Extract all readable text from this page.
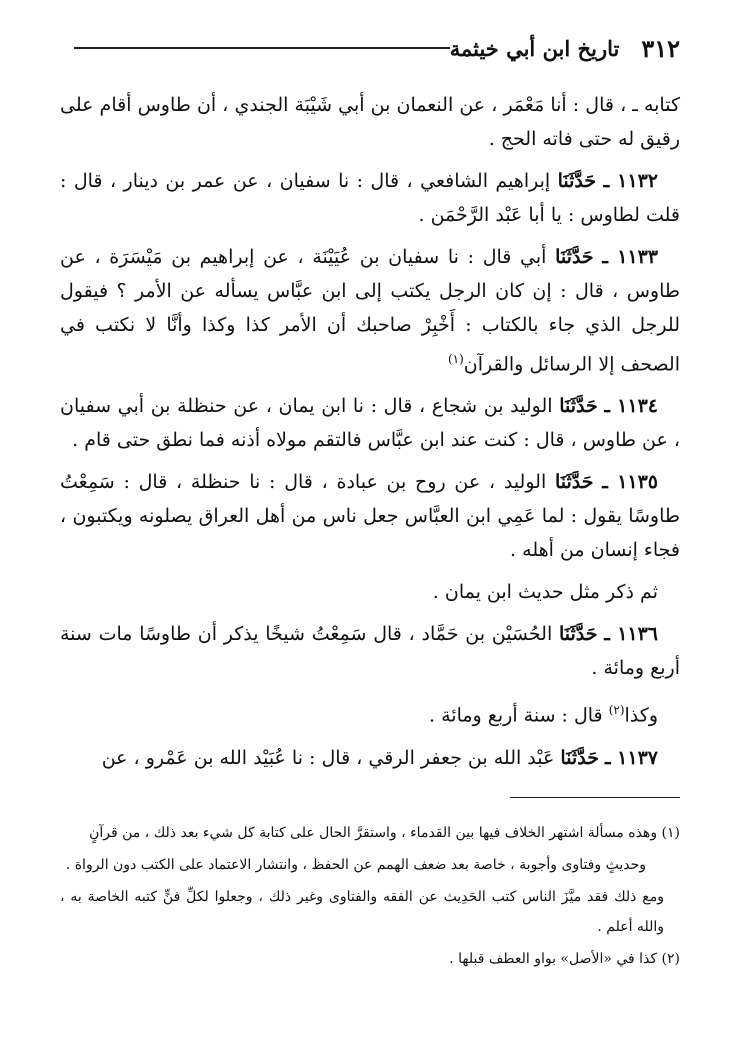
٣١٢
تاريخ ابن أبي خيثمة

كتابه ـ ، قال : أنا مَعْمَر ، عن النعمان بن أبي شَيْبَة الجندي ، أن طاوس أقام على رقيق له حتى فاته الحج .

١١٣٢ ـ حَدَّثَنَا إبراهيم الشافعي ، قال : نا سفيان ، عن عمر بن دينار ، قال : قلت لطاوس : يا أبا عَبْد الرَّحْمَن .

١١٣٣ ـ حَدَّثَنَا أبي قال : نا سفيان بن عُيَيْنَة ، عن إبراهيم بن مَيْسَرَة ، عن طاوس ، قال : إن كان الرجل يكتب إلى ابن عبَّاس يسأله عن الأمر ؟ فيقول للرجل الذي جاء بالكتاب : أَخْبِرْ صاحبك أن الأمر كذا وكذا وأنَّا لا نكتب في الصحف إلا الرسائل والقرآن$^{(١)}$

١١٣٤ ـ حَدَّثَنَا الوليد بن شجاع ، قال : نا ابن يمان ، عن حنظلة بن أبي سفيان ، عن طاوس ، قال : كنت عند ابن عبَّاس فالتقم مولاه أذنه فما نطق حتى قام .

١١٣٥ ـ حَدَّثَنَا الوليد ، عن روح بن عبادة ، قال : نا حنظلة ، قال : سَمِعْتُ طاوسًا يقول : لما عَمِي ابن العبَّاس جعل ناس من أهل العراق يصلونه ويكتبون ، فجاء إنسان من أهله .

ثم ذكر مثل حديث ابن يمان .

١١٣٦ ـ حَدَّثَنَا الحُسَيْن بن حَمَّاد ، قال سَمِعْتُ شيخًا يذكر أن طاوسًا مات سنة أربع ومائة .

وكذا$^{(٢)}$ قال : سنة أربع ومائة .

١١٣٧ ـ حَدَّثَنَا عَبْد الله بن جعفر الرقي ، قال : نا عُبَيْد الله بن عَمْرو ، عن

(١) وهذه مسألة اشتهر الخلاف فيها بين القدماء ، واستقرَّ الحال على كتابة كل شيء بعد ذلك ، من قرآنٍ

وحديثٍ وفتاوى وأجوبة ، خاصة بعد ضعف الهمم عن الحفظ ، وانتشار الاعتماد على الكتب دون الرواة .

ومع ذلك فقد ميَّزَ الناس كتب الحَدِيث عن الفقه والفتاوى وغير ذلك ، وجعلوا لكلِّ فنٍّ كتبه الخاصة به ، والله أعلم .

(٢) كذا في «الأصل» بواو العطف قبلها .
